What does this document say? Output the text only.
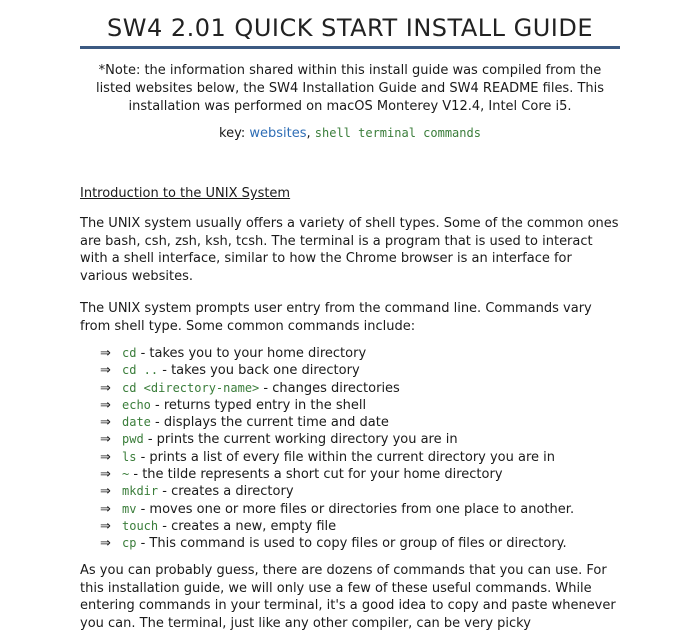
SW4 2.01 QUICK START INSTALL GUIDE

*Note: the information shared within this install guide was compiled from the listed websites below, the SW4 Installation Guide and SW4 README files. This installation was performed on macOS Monterey V12.4, Intel Core i5.

key: websites, shell terminal commands

Introduction to the UNIX System

The UNIX system usually offers a variety of shell types. Some of the common ones are bash, csh, zsh, ksh, tcsh. The terminal is a program that is used to interact with a shell interface, similar to how the Chrome browser is an interface for various websites.

The UNIX system prompts user entry from the command line. Commands vary from shell type. Some common commands include:

⇒ cd - takes you to your home directory
⇒ cd .. - takes you back one directory
⇒ cd <directory-name> - changes directories
⇒ echo - returns typed entry in the shell
⇒ date - displays the current time and date
⇒ pwd - prints the current working directory you are in
⇒ ls - prints a list of every file within the current directory you are in
⇒ ~ - the tilde represents a short cut for your home directory
⇒ mkdir - creates a directory
⇒ mv - moves one or more files or directories from one place to another.
⇒ touch - creates a new, empty file
⇒ cp - This command is used to copy files or group of files or directory.

As you can probably guess, there are dozens of commands that you can use. For this installation guide, we will only use a few of these useful commands. While entering commands in your terminal, it's a good idea to copy and paste whenever you can. The terminal, just like any other compiler, can be very picky
